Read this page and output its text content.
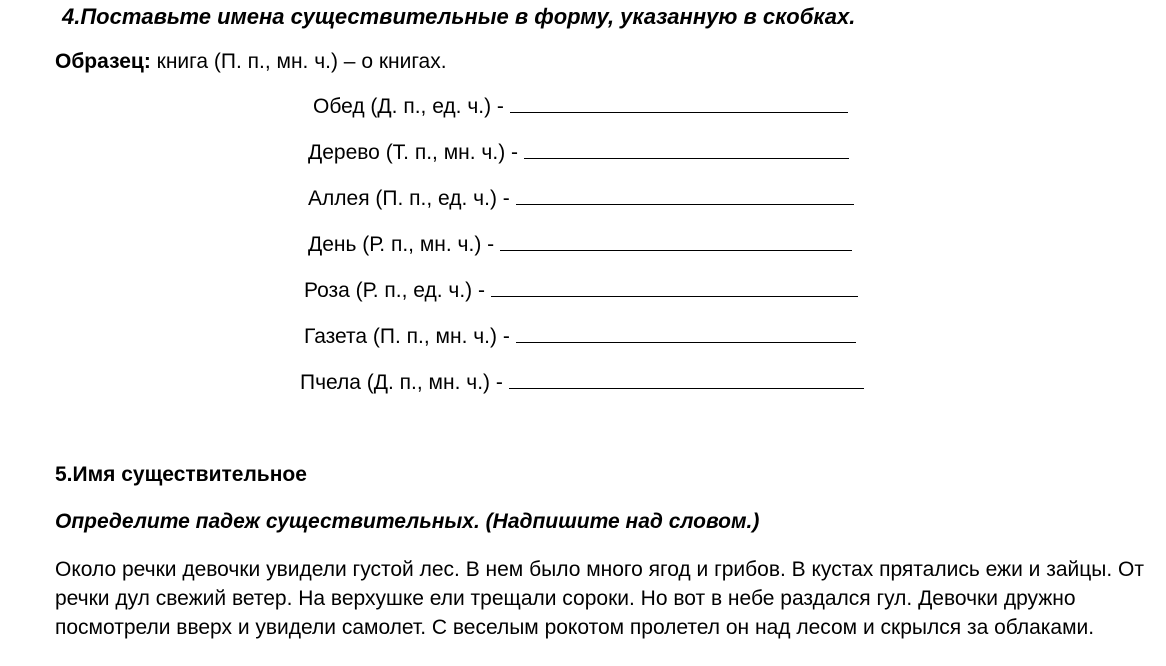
4.Поставьте имена существительные в форму, указанную в скобках.
Образец: книга (П. п., мн. ч.) – о книгах.
Обед (Д. п., ед. ч.) -
Дерево (Т. п., мн. ч.) -
Аллея (П. п., ед. ч.) -
День (Р. п., мн. ч.) -
Роза (Р. п., ед. ч.) -
Газета (П. п., мн. ч.) -
Пчела (Д. п., мн. ч.) -
5.Имя существительное
Определите падеж существительных. (Надпишите над словом.)
Около речки девочки увидели густой лес. В нем было много ягод и грибов. В кустах прятались ежи и зайцы. От речки дул свежий ветер. На верхушке ели трещали сороки. Но вот в небе раздался гул. Девочки дружно посмотрели вверх и увидели самолет. С веселым рокотом пролетел он над лесом и скрылся за облаками.
